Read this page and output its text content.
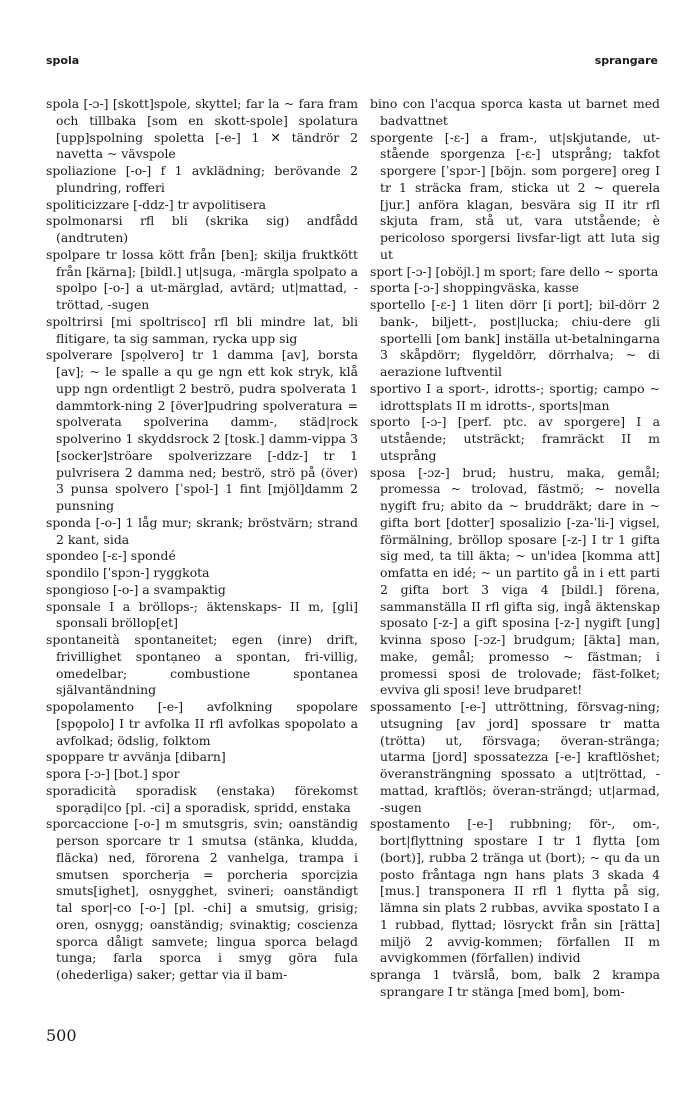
spola	sprangare

spola [-ɔ-] [skott]spole, skyttel; far la ~ fara fram och tillbaka [som en skott-spole] spolatura [upp]spolning spoletta [-e-] 1 ✕ tändrör 2 navetta ~ vävspole

spoliazione [-o-] f 1 avklädning; berövande 2 plundring, rofferi

spoliticizzare [-ddz-] tr avpolitisera

spolmonarsi rfl bli (skrika sig) andfådd (andtruten)

spolpare tr lossa kött från [ben]; skilja fruktkött från [kärna]; [bildl.] ut|suga, -märgla spolpato a spolpo [-o-] a ut-märglad, avtärd; ut|mattad, -tröttad, -sugen

spoltrirsi [mi spoltrisco] rfl bli mindre lat, bli flitigare, ta sig samman, rycka upp sig

spolverare [spọlvero] tr 1 damma [av], borsta [av]; ~ le spalle a qu ge ngn ett kok stryk, klå upp ngn ordentligt 2 beströ, pudra spolverata 1 dammtork-ning 2 [över]pudring spolveratura = spolverata spolverina damm-, städ|rock spolverino 1 skyddsrock 2 [tosk.] damm-vippa 3 [socker]ströare spolverizzare [-ddz-] tr 1 pulvrisera 2 damma ned; beströ, strö på (över) 3 punsa spolvero [ˈspol-] 1 fint [mjöl]damm 2 punsning

sponda [-o-] 1 låg mur; skrank; bröstvärn; strand 2 kant, sida

spondeo [-ɛ-] spondé

spondilo [ˈspɔn-] ryggkota

spongioso [-o-] a svampaktig

sponsale I a bröllops-; äktenskaps- II m, [gli] sponsali bröllop[et]

spontaneità spontaneitet; egen (inre) drift, frivillighet spontạneo a spontan, fri-villig, omedelbar; combustione spontanea självantändning

spopolamento [-e-] avfolkning spopolare [spọpolo] I tr avfolka II rfl avfolkas spopolato a avfolkad; ödslig, folktom

spoppare tr avvänja [dibarn]

spora [-ɔ-] [bot.] spor

sporadicità sporadisk (enstaka) förekomst sporạdi|co [pl. -ci] a sporadisk, spridd, enstaka

sporcaccione [-o-] m smutsgris, svin; oanständig person sporcare tr 1 smutsa (stänka, kludda, fläcka) ned, förorena 2 vanhelga, trampa i smutsen sporcherịa = porcheria sporcịzia smuts[ighet], osnygghet, svineri; oanständigt tal spor|-co [-o-] [pl. -chi] a smutsig, grisig; oren, osnygg; oanständig; svinaktig; coscienza sporca dåligt samvete; lingua sporca belagd tunga; farla sporca i smyg göra fula (ohederliga) saker; gettar via il bam-

bino con l'acqua sporca kasta ut barnet med badvattnet

sporgente [-ɛ-] a fram-, ut|skjutande, ut-stående sporgenza [-ɛ-] utsprång; takfot sporgere [ˈspɔr-] [böjn. som porgere] oreg I tr 1 sträcka fram, sticka ut 2 ~ querela [jur.] anföra klagan, besvära sig II itr rfl skjuta fram, stå ut, vara utstående; è pericoloso sporgersi livsfar-ligt att luta sig ut

sport [-ɔ-] [oböjl.] m sport; fare dello ~ sporta

sporta [-ɔ-] shoppingväska, kasse

sportello [-ɛ-] 1 liten dörr [i port]; bil-dörr 2 bank-, biljett-, post|lucka; chiu-dere gli sportelli [om bank] inställa ut-betalningarna 3 skåpdörr; flygeldörr, dörrhalva; ~ di aerazione luftventil

sportivo I a sport-, idrotts-; sportig; campo ~ idrottsplats II m idrotts-, sports|man

sporto [-ɔ-] [perf. ptc. av sporgere] I a utstående; utsträckt; framräckt II m utsprång

sposa [-ɔz-] brud; hustru, maka, gemål; promessa ~ trolovad, fästmö; ~ novella nygift fru; abito da ~ bruddräkt; dare in ~ gifta bort [dotter] sposalizio [-za-ˈli-] vigsel, förmälning, bröllop sposare [-z-] I tr 1 gifta sig med, ta till äkta; ~ un'idea [komma att] omfatta en idé; ~ un partito gå in i ett parti 2 gifta bort 3 viga 4 [bildl.] förena, sammanställa II rfl gifta sig, ingå äktenskap sposato [-z-] a gift sposina [-z-] nygift [ung] kvinna sposo [-ɔz-] brudgum; [äkta] man, make, gemål; promesso ~ fästman; i promessi sposi de trolovade; fäst-folket; evviva gli sposi! leve brudparet!

spossamento [-e-] uttröttning, försvag-ning; utsugning [av jord] spossare tr matta (trötta) ut, försvaga; överan-stränga; utarma [jord] spossatezza [-e-] kraftlöshet; överansträngning spossato a ut|tröttad, -mattad, kraftlös; överan-strängd; ut|armad, -sugen

spostamento [-e-] rubbning; för-, om-, bort|flyttning spostare I tr 1 flytta [om (bort)], rubba 2 tränga ut (bort); ~ qu da un posto fråntaga ngn hans plats 3 skada 4 [mus.] transponera II rfl 1 flytta på sig, lämna sin plats 2 rubbas, avvika spostato I a 1 rubbad, flyttad; lösryckt från sin [rätta] miljö 2 avvig-kommen; förfallen II m avvigkommen (förfallen) individ

spranga 1 tvärslå, bom, balk 2 krampa sprangare I tr stänga [med bom], bom-

500
